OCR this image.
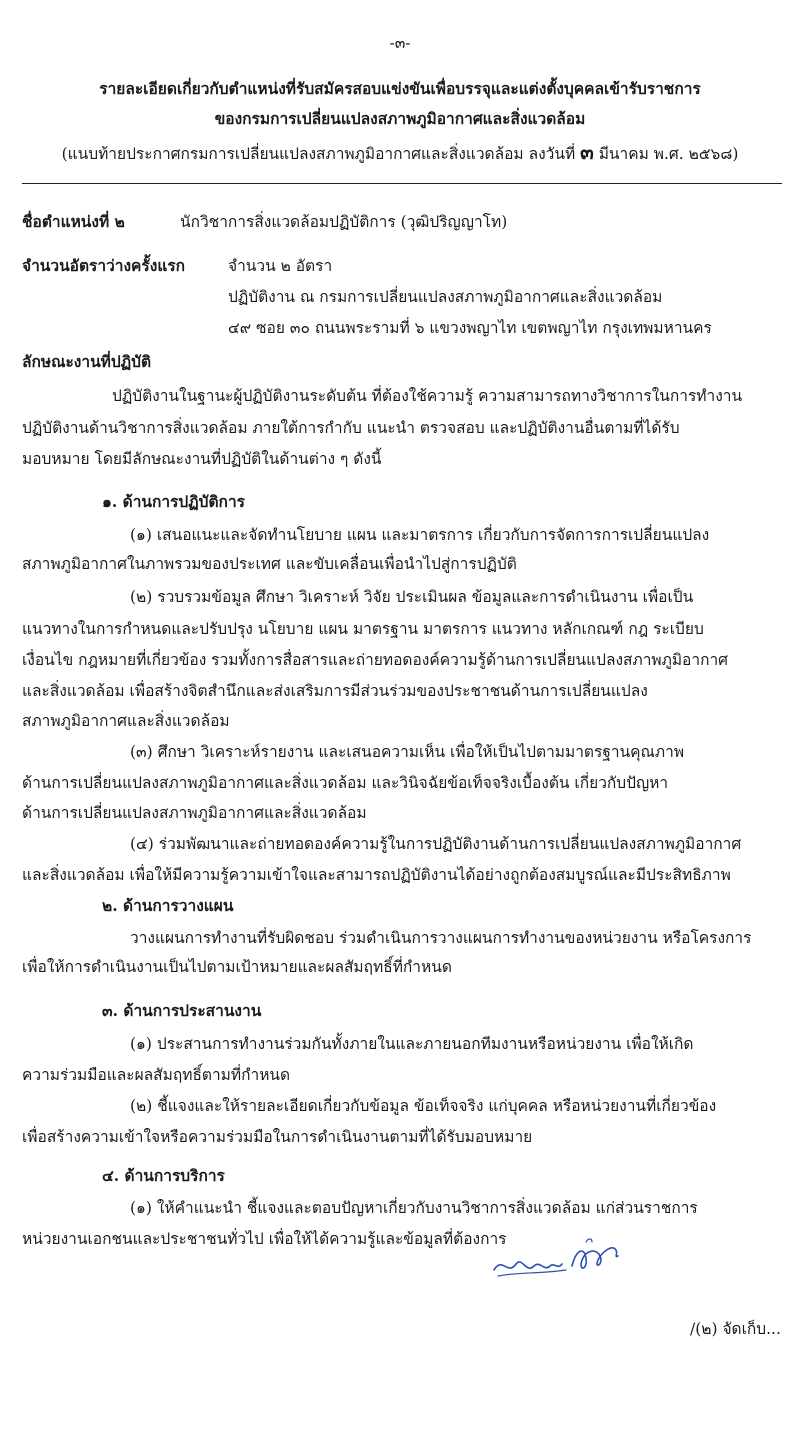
-๓-
รายละเอียดเกี่ยวกับตำแหน่งที่รับสมัครสอบแข่งขันเพื่อบรรจุและแต่งตั้งบุคคลเข้ารับราชการ
ของกรมการเปลี่ยนแปลงสภาพภูมิอากาศและสิ่งแวดล้อม
(แนบท้ายประกาศกรมการเปลี่ยนแปลงสภาพภูมิอากาศและสิ่งแวดล้อม ลงวันที่ ๓ มีนาคม พ.ศ. ๒๕๖๘)
ชื่อตำแหน่งที่ ๒	นักวิชาการสิ่งแวดล้อมปฏิบัติการ (วุฒิปริญญาโท)
จำนวนอัตราว่างครั้งแรก	จำนวน ๒ อัตรา
ปฏิบัติงาน ณ กรมการเปลี่ยนแปลงสภาพภูมิอากาศและสิ่งแวดล้อม
๔๙ ซอย ๓๐ ถนนพระรามที่ ๖ แขวงพญาไท เขตพญาไท กรุงเทพมหานคร
ลักษณะงานที่ปฏิบัติ
ปฏิบัติงานในฐานะผู้ปฏิบัติงานระดับต้น ที่ต้องใช้ความรู้ ความสามารถทางวิชาการในการทำงาน
ปฏิบัติงานด้านวิชาการสิ่งแวดล้อม ภายใต้การกำกับ แนะนำ ตรวจสอบ และปฏิบัติงานอื่นตามที่ได้รับ
มอบหมาย โดยมีลักษณะงานที่ปฏิบัติในด้านต่าง ๆ ดังนี้
๑. ด้านการปฏิบัติการ
(๑) เสนอแนะและจัดทำนโยบาย แผน และมาตรการ เกี่ยวกับการจัดการการเปลี่ยนแปลง
สภาพภูมิอากาศในภาพรวมของประเทศ และขับเคลื่อนเพื่อนำไปสู่การปฏิบัติ
(๒) รวบรวมข้อมูล ศึกษา วิเคราะห์ วิจัย ประเมินผล ข้อมูลและการดำเนินงาน เพื่อเป็น
แนวทางในการกำหนดและปรับปรุง นโยบาย แผน มาตรฐาน มาตรการ แนวทาง หลักเกณฑ์ กฎ ระเบียบ
เงื่อนไข กฎหมายที่เกี่ยวข้อง รวมทั้งการสื่อสารและถ่ายทอดองค์ความรู้ด้านการเปลี่ยนแปลงสภาพภูมิอากาศ
และสิ่งแวดล้อม เพื่อสร้างจิตสำนึกและส่งเสริมการมีส่วนร่วมของประชาชนด้านการเปลี่ยนแปลง
สภาพภูมิอากาศและสิ่งแวดล้อม
(๓) ศึกษา วิเคราะห์รายงาน และเสนอความเห็น เพื่อให้เป็นไปตามมาตรฐานคุณภาพ
ด้านการเปลี่ยนแปลงสภาพภูมิอากาศและสิ่งแวดล้อม และวินิจฉัยข้อเท็จจริงเบื้องต้น เกี่ยวกับปัญหา
ด้านการเปลี่ยนแปลงสภาพภูมิอากาศและสิ่งแวดล้อม
(๔) ร่วมพัฒนาและถ่ายทอดองค์ความรู้ในการปฏิบัติงานด้านการเปลี่ยนแปลงสภาพภูมิอากาศ
และสิ่งแวดล้อม เพื่อให้มีความรู้ความเข้าใจและสามารถปฏิบัติงานได้อย่างถูกต้องสมบูรณ์และมีประสิทธิภาพ
๒. ด้านการวางแผน
วางแผนการทำงานที่รับผิดชอบ ร่วมดำเนินการวางแผนการทำงานของหน่วยงาน หรือโครงการ
เพื่อให้การดำเนินงานเป็นไปตามเป้าหมายและผลสัมฤทธิ์ที่กำหนด
๓. ด้านการประสานงาน
(๑) ประสานการทำงานร่วมกันทั้งภายในและภายนอกทีมงานหรือหน่วยงาน เพื่อให้เกิด
ความร่วมมือและผลสัมฤทธิ์ตามที่กำหนด
(๒) ชี้แจงและให้รายละเอียดเกี่ยวกับข้อมูล ข้อเท็จจริง แก่บุคคล หรือหน่วยงานที่เกี่ยวข้อง
เพื่อสร้างความเข้าใจหรือความร่วมมือในการดำเนินงานตามที่ได้รับมอบหมาย
๔. ด้านการบริการ
(๑) ให้คำแนะนำ ชี้แจงและตอบปัญหาเกี่ยวกับงานวิชาการสิ่งแวดล้อม แก่ส่วนราชการ
หน่วยงานเอกชนและประชาชนทั่วไป เพื่อให้ได้ความรู้และข้อมูลที่ต้องการ
/(๒) จัดเก็บ...
